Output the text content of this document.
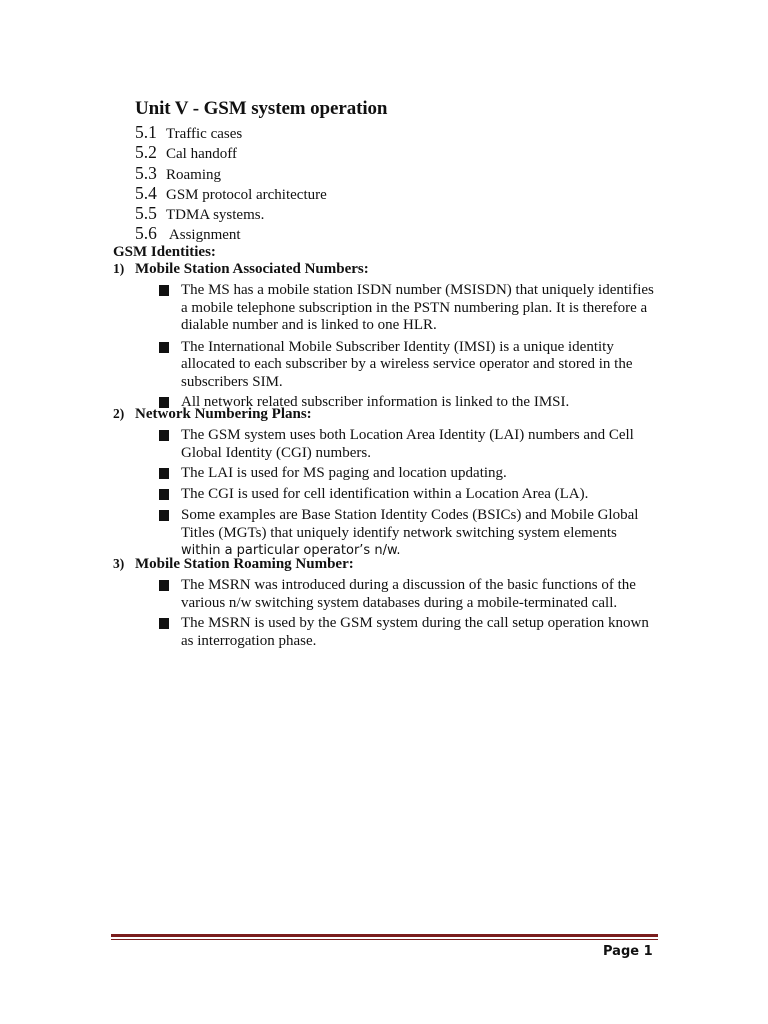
Unit V - GSM system operation
5.1 Traffic cases
5.2 Cal handoff
5.3 Roaming
5.4 GSM protocol architecture
5.5 TDMA systems.
5.6 Assignment
GSM Identities:
1) Mobile Station Associated Numbers:
The MS has a mobile station ISDN number (MSISDN) that uniquely identifies a mobile telephone subscription in the PSTN numbering plan. It is therefore a dialable number and is linked to one HLR.
The International Mobile Subscriber Identity (IMSI) is a unique identity allocated to each subscriber by a wireless service operator and stored in the subscribers SIM.
All network related subscriber information is linked to the IMSI.
2) Network Numbering Plans:
The GSM system uses both Location Area Identity (LAI) numbers and Cell Global Identity (CGI) numbers.
The LAI is used for MS paging and location updating.
The CGI is used for cell identification within a Location Area (LA).
Some examples are Base Station Identity Codes (BSICs) and Mobile Global Titles (MGTs) that uniquely identify network switching system elements
within a particular operator’s n/w.
3) Mobile Station Roaming Number:
The MSRN was introduced during a discussion of the basic functions of the various n/w switching system databases during a mobile-terminated call.
The MSRN is used by the GSM system during the call setup operation known as interrogation phase.
Page 1
